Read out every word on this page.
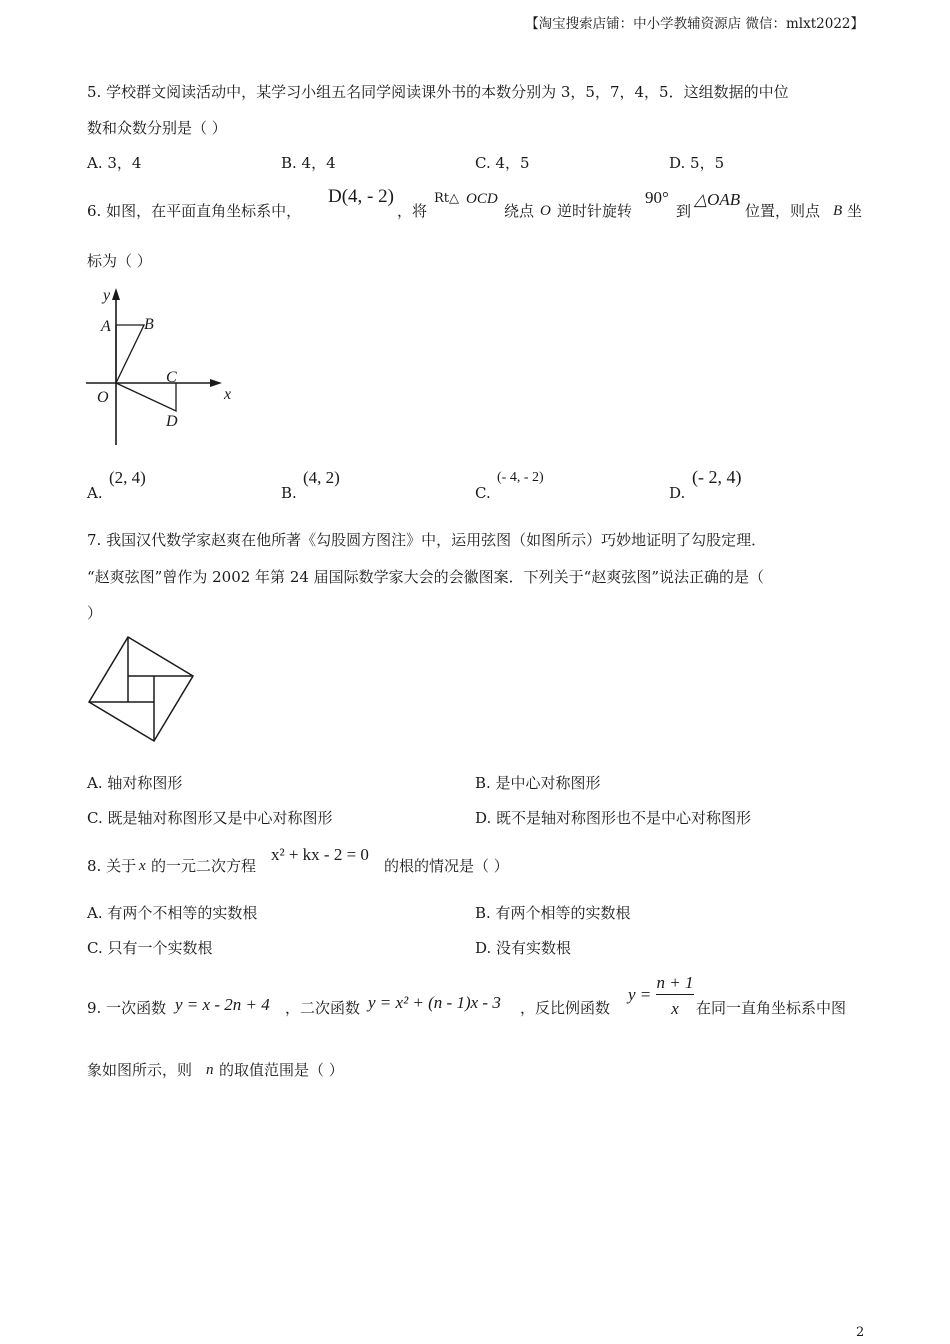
【淘宝搜索店铺：中小学教辅资源店 微信：mlxt2022】
5. 学校群文阅读活动中，某学习小组五名同学阅读课外书的本数分别为 3，5，7，4，5．这组数据的中位
数和众数分别是（ ）
A. 3，4	B. 4，4	C. 4，5	D. 5，5
6. 如图，在平面直角坐标系中，
D(4, - 2)
，将
Rt△ OCD
绕点 O 逆时针旋转
90°
到
△OAB
位置，则点 B 坐
标为（ ）
y
x
A B
C
D
O
A.
(2, 4)
B.
(4, 2)
C.
(- 4, - 2)
D.
(- 2, 4)
7. 我国汉代数学家赵爽在他所著《勾股圆方图注》中，运用弦图（如图所示）巧妙地证明了勾股定理．
“赵爽弦图”曾作为 2002 年第 24 届国际数学家大会的会徽图案．下列关于“赵爽弦图”说法正确的是（
）
A. 轴对称图形	B. 是中心对称图形
C. 既是轴对称图形又是中心对称图形	D. 既不是轴对称图形也不是中心对称图形
8. 关于 x 的一元二次方程
x² + kx - 2 = 0
的根的情况是（ ）
A. 有两个不相等的实数根	B. 有两个相等的实数根
C. 只有一个实数根	D. 没有实数根
9. 一次函数 y = x - 2n + 4 ，二次函数 y = x² + (n - 1)x - 3 ，反比例函数
y =
n + 1
x	在同一直角坐标系中图
象如图所示，则 n 的取值范围是（ ）
2
